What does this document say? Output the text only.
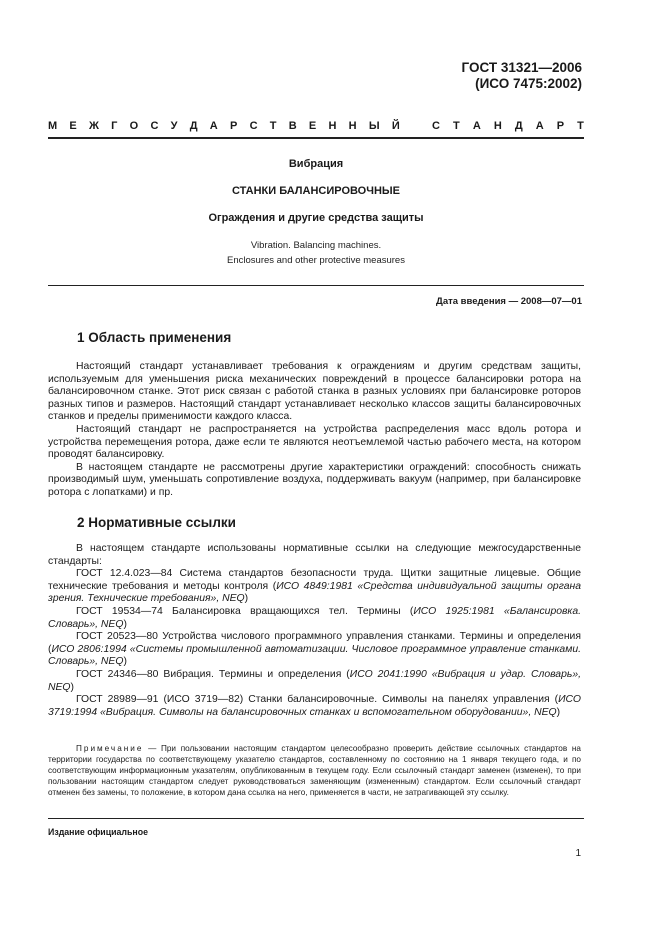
ГОСТ 31321—2006
(ИСО 7475:2002)
М Е Ж Г О С У Д А Р С Т В Е Н Н Ы Й	С Т А Н Д А Р Т
Вибрация
СТАНКИ БАЛАНСИРОВОЧНЫЕ
Ограждения и другие средства защиты
Vibration. Balancing machines.
Enclosures and other protective measures
Дата введения — 2008—07—01
1 Область применения

Настоящий стандарт устанавливает требования к ограждениям и другим средствам защиты, используемым для уменьшения риска механических повреждений в процессе балансировки ротора на балансировочном станке. Этот риск связан с работой станка в разных условиях при балансировке роторов разных типов и размеров. Настоящий стандарт устанавливает несколько классов защиты балансировочных станков и пределы применимости каждого класса.

Настоящий стандарт не распространяется на устройства распределения масс вдоль ротора и устройства перемещения ротора, даже если те являются неотъемлемой частью рабочего места, на котором проводят балансировку.

В настоящем стандарте не рассмотрены другие характеристики ограждений: способность снижать производимый шум, уменьшать сопротивление воздуха, поддерживать вакуум (например, при балансировке ротора с лопатками) и пр.

2 Нормативные ссылки

В настоящем стандарте использованы нормативные ссылки на следующие межгосударственные стандарты:

ГОСТ 12.4.023—84 Система стандартов безопасности труда. Щитки защитные лицевые. Общие технические требования и методы контроля (ИСО 4849:1981 «Средства индивидуальной защиты органа зрения. Технические требования», NEQ)

ГОСТ 19534—74 Балансировка вращающихся тел. Термины (ИСО 1925:1981 «Балансировка. Словарь», NEQ)

ГОСТ 20523—80 Устройства числового программного управления станками. Термины и определения (ИСО 2806:1994 «Системы промышленной автоматизации. Числовое программное управление станками. Словарь», NEQ)

ГОСТ 24346—80 Вибрация. Термины и определения (ИСО 2041:1990 «Вибрация и удар. Словарь», NEQ)

ГОСТ 28989—91 (ИСО 3719—82) Станки балансировочные. Символы на панелях управления (ИСО 3719:1994 «Вибрация. Символы на балансировочных станках и вспомогательном оборудовании», NEQ)

Примечание — При пользовании настоящим стандартом целесообразно проверить действие ссылочных стандартов на территории государства по соответствующему указателю стандартов, составленному по состоянию на 1 января текущего года, и по соответствующим информационным указателям, опубликованным в текущем году. Если ссылочный стандарт заменен (изменен), то при пользовании настоящим стандартом следует руководствоваться заменяющим (измененным) стандартом. Если ссылочный стандарт отменен без замены, то положение, в котором дана ссылка на него, применяется в части, не затрагивающей эту ссылку.

Издание официальное
1
